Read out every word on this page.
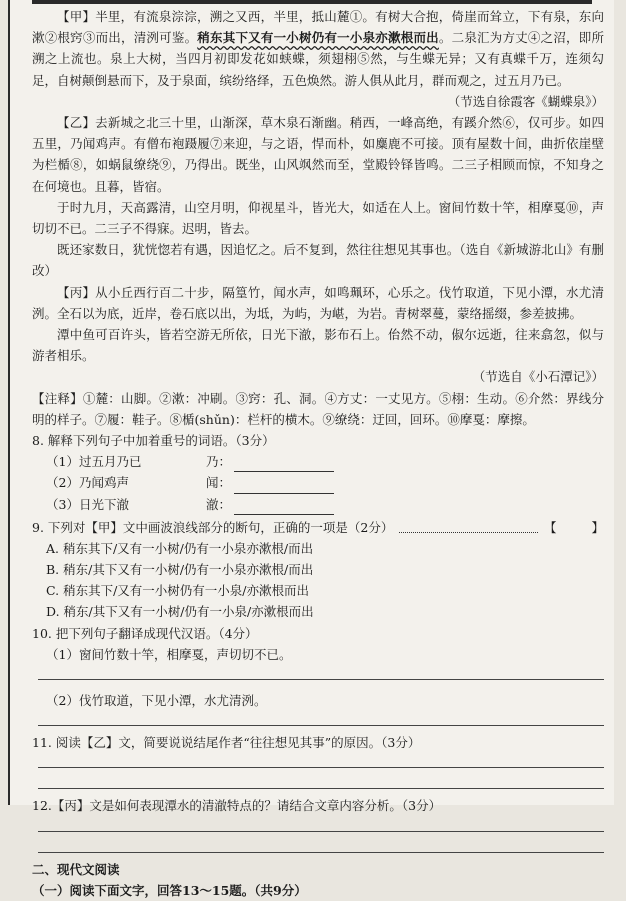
【甲】半里，有流泉淙淙，溯之又西，半里，抵山麓①。有树大合抱，倚崖而耸立，下有泉，东向漱②根窍③而出，清洌可鉴。稍东其下又有一小树仍有一小泉亦漱根而出。二泉汇为方丈④之沼，即所溯之上流也。泉上大树，当四月初即发花如蛱蝶，须翅栩⑤然，与生蝶无异；又有真蝶千万，连须勾足，自树颠倒悬而下，及于泉面，缤纷络绎，五色焕然。游人俱从此月，群而观之，过五月乃已。

（节选自徐霞客《蝴蝶泉》）

【乙】去新城之北三十里，山渐深，草木泉石渐幽。稍西，一峰高绝，有蹊介然⑥，仅可步。如四五里，乃闻鸡声。有僧布袍蹑履⑦来迎，与之语，悍而朴，如麋鹿不可接。顶有屋数十间，曲折依崖壁为栏楯⑧，如蜗鼠缭绕⑨，乃得出。既坐，山风飒然而至，堂殿铃铎皆鸣。二三子相顾而惊，不知身之在何境也。且暮，皆宿。

于时九月，天高露清，山空月明，仰视星斗，皆光大，如适在人上。窗间竹数十竿，相摩戛⑩，声切切不已。二三子不得寐。迟明，皆去。

既还家数日，犹恍惚若有遇，因追忆之。后不复到，然往往想见其事也。（选自《新城游北山》有删改）

【丙】从小丘西行百二十步，隔篁竹，闻水声，如鸣珮环，心乐之。伐竹取道，下见小潭，水尤清洌。全石以为底，近岸，卷石底以出，为坻，为屿，为嵁，为岩。青树翠蔓，蒙络摇缀，参差披拂。

潭中鱼可百许头，皆若空游无所依，日光下澈，影布石上。佁然不动，俶尔远逝，往来翕忽，似与游者相乐。

（节选自《小石潭记》）

【注释】①麓：山脚。②漱：冲刷。③窍：孔、洞。④方丈：一丈见方。⑤栩：生动。⑥介然：界线分明的样子。⑦履：鞋子。⑧楯(shǔn)：栏杆的横木。⑨缭绕：迂回，回环。⑩摩戛：摩擦。

8. 解释下列句子中加着重号的词语。（3分）

（1）过五月乃已	乃：
（2）乃闻鸡声	闻：
（3）日光下澈	澈：
9. 下列对【甲】文中画波浪线部分的断句，正确的一项是（2分）	【	】

A. 稍东其下/又有一小树/仍有一小泉亦漱根/而出

B. 稍东/其下又有一小树/仍有一小泉亦漱根/而出

C. 稍东其下/又有一小树仍有一小泉/亦漱根而出

D. 稍东/其下又有一小树/仍有一小泉/亦漱根而出

10. 把下列句子翻译成现代汉语。（4分）

（1）窗间竹数十竿，相摩戛，声切切不已。

（2）伐竹取道，下见小潭，水尤清洌。

11. 阅读【乙】文，简要说说结尾作者“往往想见其事”的原因。（3分）

12.【丙】文是如何表现潭水的清澈特点的？请结合文章内容分析。（3分）

二、现代文阅读

（一）阅读下面文字，回答13～15题。（共9分）
